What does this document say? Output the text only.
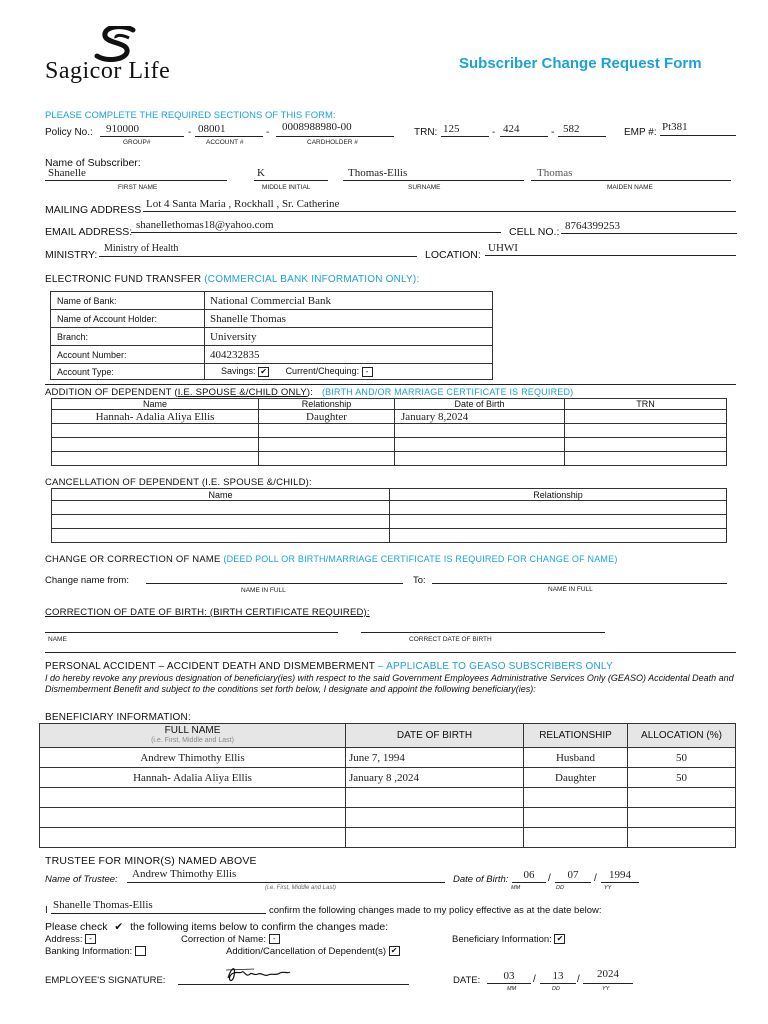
Sagicor Life	Subscriber Change Request Form
PLEASE COMPLETE THE REQUIRED SECTIONS OF THIS FORM:
Policy No.:	910000	- 08001	-	0008988980-00
GROUP#	ACCOUNT #	CARDHOLDER #
TRN: 125	- 424	- 582	EMP #: Pt381
Name of Subscriber:
Shanelle	K	Thomas-Ellis	Thomas
FIRST NAME	MIDDLE INITIAL	SURNAME	MAIDEN NAME
MAILING ADDRESS Lot 4 Santa Maria , Rockhall , Sr. Catherine
EMAIL ADDRESS:
shanellethomas18@yahoo.com
CELL NO.: 8764399253
MINISTRY:
Ministry of Health
LOCATION:
UHWI
ELECTRONIC FUND TRANSFER (COMMERCIAL BANK INFORMATION ONLY):
Name of Bank:	National Commercial Bank
Name of Account Holder:	Shanelle Thomas
Branch:	University
Account Number:	404232835
Account Type:	Savings: ✔ Current/Chequing: -
ADDITION OF DEPENDENT (I.E. SPOUSE &/CHILD ONLY): (BIRTH AND/OR MARRIAGE CERTIFICATE IS REQUIRED)
Name	Relationship	Date of Birth	TRN
Hannah- Adalia Aliya Ellis	Daughter	January 8,2024	

CANCELLATION OF DEPENDENT (I.E. SPOUSE &/CHILD):
Name	Relationship

CHANGE OR CORRECTION OF NAME (DEED POLL OR BIRTH/MARRIAGE CERTIFICATE IS REQUIRED FOR CHANGE OF NAME)
Change name from:	To:
NAME IN FULL	NAME IN FULL
CORRECTION OF DATE OF BIRTH: (BIRTH CERTIFICATE REQUIRED):
NAME	CORRECT DATE OF BIRTH
PERSONAL ACCIDENT – ACCIDENT DEATH AND DISMEMBERMENT – APPLICABLE TO GEASO SUBSCRIBERS ONLY
I do hereby revoke any previous designation of beneficiary(ies) with respect to the said Government Employees Administrative Services Only (GEASO) Accidental Death and Dismemberment Benefit and subject to the conditions set forth below, I designate and appoint the following beneficiary(ies):
BENEFICIARY INFORMATION:
FULL NAME
(i.e. First, Middle and Last)	DATE OF BIRTH	RELATIONSHIP	ALLOCATION (%)
Andrew Thimothy Ellis	June 7, 1994	Husband	50
Hannah- Adalia Aliya Ellis	January 8 ,2024	Daughter	50

TRUSTEE FOR MINOR(S) NAMED ABOVE
Name of Trustee:	Andrew Thimothy Ellis
(i.e. First, Middle and Last)
Date of Birth:	06	/	07	/	1994
MM	DD	YY
I Shanelle Thomas-Ellis	confirm the following changes made to my policy effective as at the date below:
Please check ✔ the following items below to confirm the changes made:
Address: -	Correction of Name: -	Beneficiary Information: ✔
Banking Information:	Addition/Cancellation of Dependent(s) ✔
EMPLOYEE'S SIGNATURE:	DATE:	03	/	13	/	2024
MM	DD	YY
